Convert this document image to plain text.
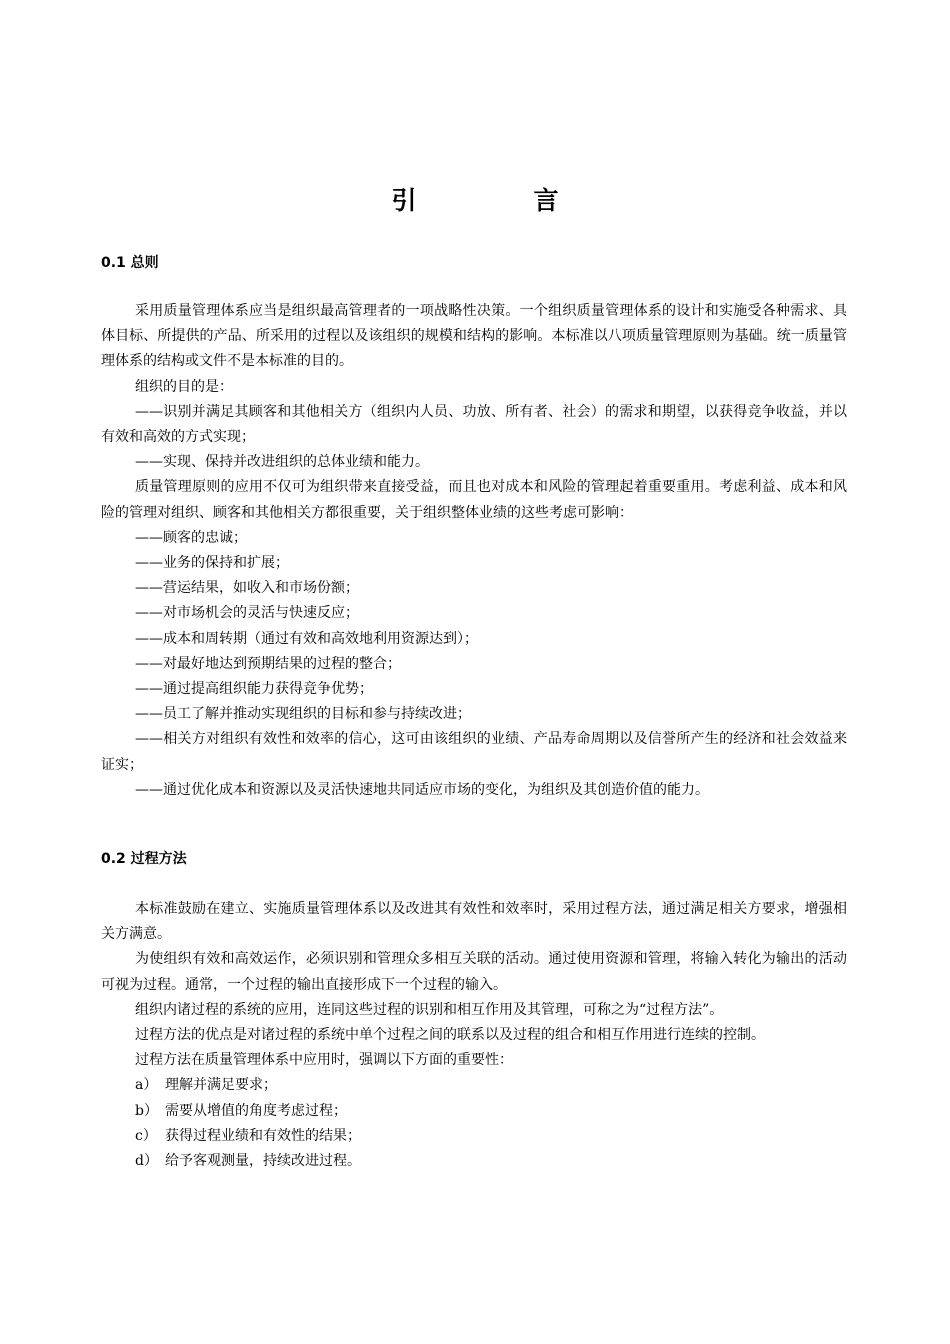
引　言
0.1 总则

采用质量管理体系应当是组织最高管理者的一项战略性决策。一个组织质量管理体系的设计和实施受各种需求、具体目标、所提供的产品、所采用的过程以及该组织的规模和结构的影响。本标准以八项质量管理原则为基础。统一质量管理体系的结构或文件不是本标准的目的。

组织的目的是：

——识别并满足其顾客和其他相关方（组织内人员、功放、所有者、社会）的需求和期望，以获得竞争收益，并以有效和高效的方式实现；

——实现、保持并改进组织的总体业绩和能力。

质量管理原则的应用不仅可为组织带来直接受益，而且也对成本和风险的管理起着重要重用。考虑利益、成本和风险的管理对组织、顾客和其他相关方都很重要，关于组织整体业绩的这些考虑可影响：

——顾客的忠诚；

——业务的保持和扩展；

——营运结果，如收入和市场份额；

——对市场机会的灵活与快速反应；

——成本和周转期（通过有效和高效地利用资源达到）；

——对最好地达到预期结果的过程的整合；

——通过提高组织能力获得竞争优势；

——员工了解并推动实现组织的目标和参与持续改进；

——相关方对组织有效性和效率的信心，这可由该组织的业绩、产品寿命周期以及信誉所产生的经济和社会效益来证实；

——通过优化成本和资源以及灵活快速地共同适应市场的变化，为组织及其创造价值的能力。

0.2 过程方法

本标准鼓励在建立、实施质量管理体系以及改进其有效性和效率时，采用过程方法，通过满足相关方要求，增强相关方满意。

为使组织有效和高效运作，必须识别和管理众多相互关联的活动。通过使用资源和管理，将输入转化为输出的活动可视为过程。通常，一个过程的输出直接形成下一个过程的输入。

组织内诸过程的系统的应用，连同这些过程的识别和相互作用及其管理，可称之为“过程方法”。

过程方法的优点是对诸过程的系统中单个过程之间的联系以及过程的组合和相互作用进行连续的控制。

过程方法在质量管理体系中应用时，强调以下方面的重要性：

a） 理解并满足要求；

b） 需要从增值的角度考虑过程；

c） 获得过程业绩和有效性的结果；

d） 给予客观测量，持续改进过程。
